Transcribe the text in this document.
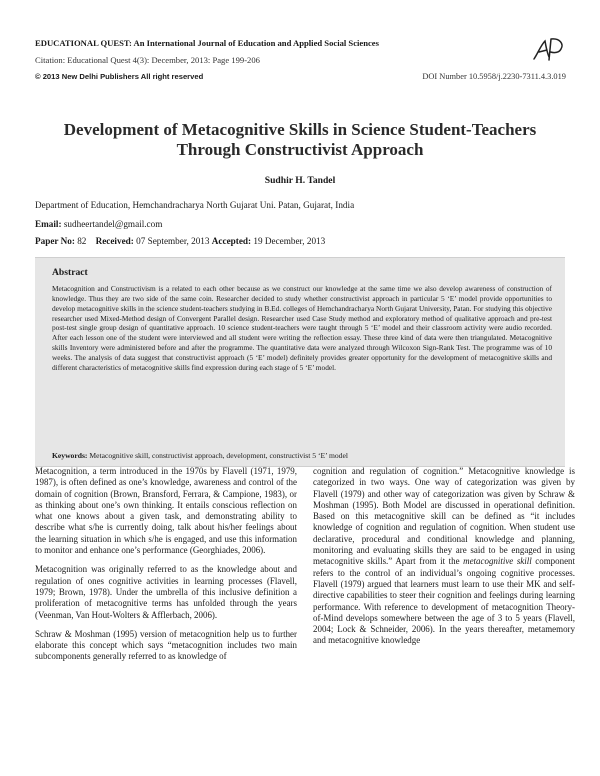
EDUCATIONAL QUEST: An International Journal of Education and Applied Social Sciences
Citation: Educational Quest 4(3): December, 2013: Page 199-206
© 2013 New Delhi Publishers All right reserved	DOI Number 10.5958/j.2230-7311.4.3.019
Development of Metacognitive Skills in Science Student-Teachers
Through Constructivist Approach
Sudhir H. Tandel
Department of Education, Hemchandracharya North Gujarat Uni. Patan, Gujarat, India
Email: sudheertandel@gmail.com
Paper No: 82 Received: 07 September, 2013 Accepted: 19 December, 2013
Abstract
Metacognition and Constructivism is a related to each other because as we construct our knowledge at the same time we also develop awareness of construction of knowledge. Thus they are two side of the same coin. Researcher decided to study whether constructivist approach in particular 5 ‘E’ model provide opportunities to develop metacognitive skills in the science student-teachers studying in B.Ed. colleges of Hemchandracharya North Gujarat University, Patan. For studying this objective researcher used Mixed-Method design of Convergent Parallel design. Researcher used Case Study method and exploratory method of qualitative approach and pre-test post-test single group design of quantitative approach. 10 science student-teachers were taught through 5 ‘E’ model and their classroom activity were audio recorded. After each lesson one of the student were interviewed and all student were writing the reflection essay. These three kind of data were then triangulated. Metacognitive skills Inventory were administered before and after the programme. The quantitative data were analyzed through Wilcoxon Sign-Rank Test. The programme was of 10 weeks. The analysis of data suggest that constructivist approach (5 ‘E’ model) definitely provides greater opportunity for the development of metacognitive skills and different characteristics of metacognitive skills find expression during each stage of 5 ‘E’ model.
Keywords: Metacognitive skill, constructivist approach, development, constructivist 5 ‘E’ model

Metacognition, a term introduced in the 1970s by Flavell (1971, 1979, 1987), is often defined as one’s knowledge, awareness and control of the domain of cognition (Brown, Bransford, Ferrara, & Campione, 1983), or as thinking about one’s own thinking. It entails conscious reflection on what one knows about a given task, and demonstrating ability to describe what s/he is currently doing, talk about his/her feelings about the learning situation in which s/he is engaged, and use this information to monitor and enhance one’s performance (Georghiades, 2006).

Metacognition was originally referred to as the knowledge about and regulation of ones cognitive activities in learning processes (Flavell, 1979; Brown, 1978). Under the umbrella of this inclusive definition a proliferation of metacognitive terms has unfolded through the years (Veenman, Van Hout-Wolters & Afflerbach, 2006).

Schraw & Moshman (1995) version of metacognition help us to further elaborate this concept which says “metacognition includes two main subcomponents generally referred to as knowledge of

cognition and regulation of cognition.” Metacognitive knowledge is categorized in two ways. One way of categorization was given by Flavell (1979) and other way of categorization was given by Schraw & Moshman (1995). Both Model are discussed in operational definition. Based on this metacognitive skill can be defined as “it includes knowledge of cognition and regulation of cognition. When student use declarative, procedural and conditional knowledge and planning, monitoring and evaluating skills they are said to be engaged in using metacognitive skills.” Apart from it the metacognitive skill component refers to the control of an individual’s ongoing cognitive processes. Flavell (1979) argued that learners must learn to use their MK and self-directive capabilities to steer their cognition and feelings during learning performance. With reference to development of metacognition Theory-of-Mind develops somewhere between the age of 3 to 5 years (Flavell, 2004; Lock & Schneider, 2006). In the years thereafter, metamemory and metacognitive knowledge
